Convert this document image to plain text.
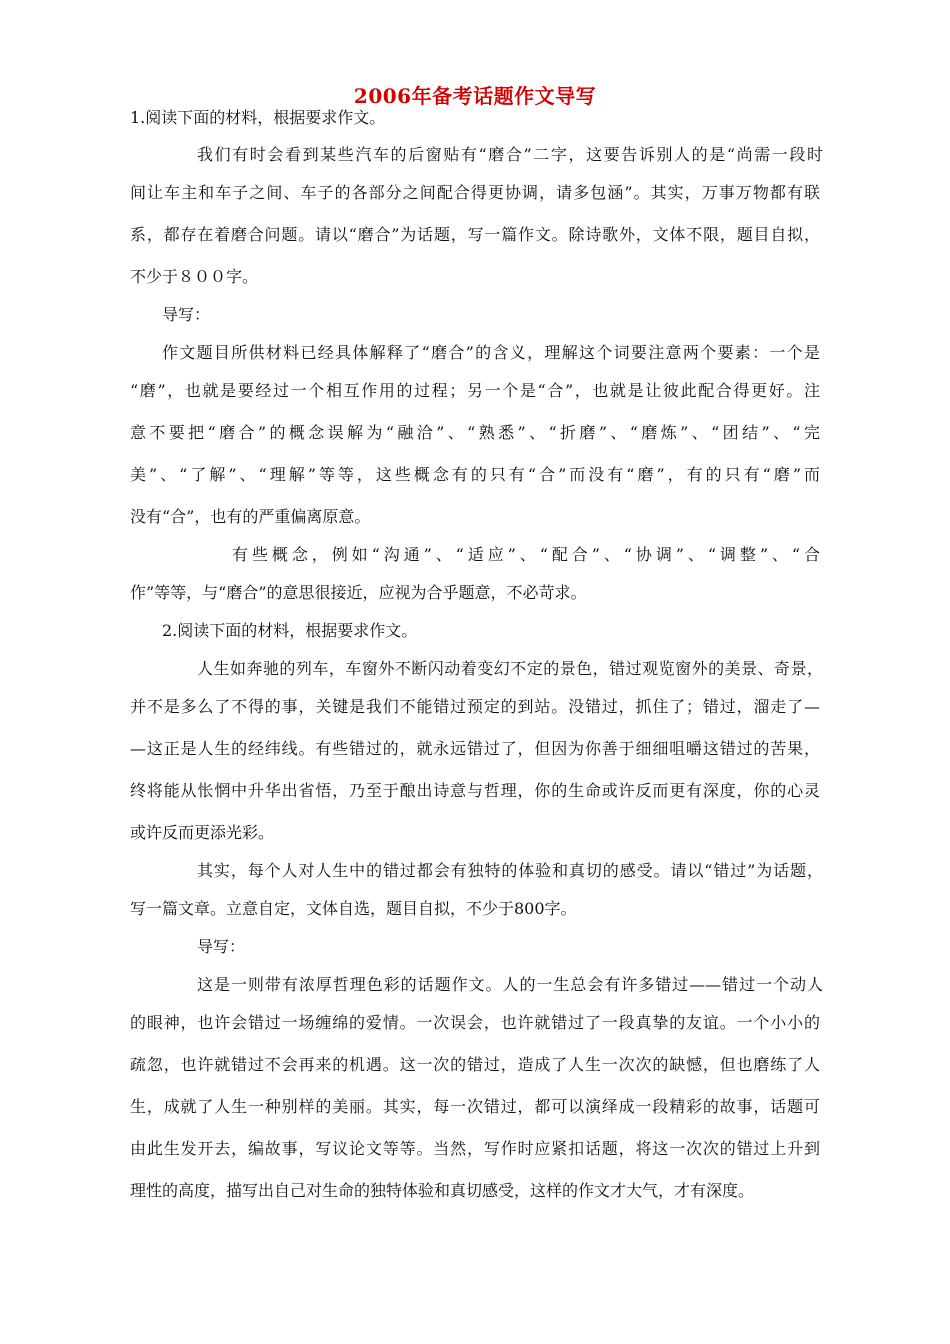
2006年备考话题作文导写
1.阅读下面的材料，根据要求作文。
我们有时会看到某些汽车的后窗贴有“磨合”二字，这要告诉别人的是“尚需一段时
间让车主和车子之间、车子的各部分之间配合得更协调，请多包涵”。其实，万事万物都有联
系，都存在着磨合问题。请以“磨合”为话题，写一篇作文。除诗歌外，文体不限，题目自拟，
不少于８００字。
导写：
作文题目所供材料已经具体解释了“磨合”的含义，理解这个词要注意两个要素：一个是
“磨”，也就是要经过一个相互作用的过程；另一个是“合”，也就是让彼此配合得更好。注
意不要把“磨合”的概念误解为“融洽”、“熟悉”、“折磨”、“磨炼”、“团结”、“完
美”、“了解”、“理解”等等，这些概念有的只有“合”而没有“磨”，有的只有“磨”而
没有“合”，也有的严重偏离原意。
有些概念，例如“沟通”、“适应”、“配合”、“协调”、“调整”、“合
作”等等，与“磨合”的意思很接近，应视为合乎题意，不必苛求。
2.阅读下面的材料，根据要求作文。
人生如奔驰的列车，车窗外不断闪动着变幻不定的景色，错过观览窗外的美景、奇景，
并不是多么了不得的事，关键是我们不能错过预定的到站。没错过，抓住了；错过，溜走了—
—这正是人生的经纬线。有些错过的，就永远错过了，但因为你善于细细咀嚼这错过的苦果，
终将能从怅惘中升华出省悟，乃至于酿出诗意与哲理，你的生命或许反而更有深度，你的心灵
或许反而更添光彩。
其实，每个人对人生中的错过都会有独特的体验和真切的感受。请以“错过”为话题，
写一篇文章。立意自定，文体自选，题目自拟，不少于800字。
导写：
这是一则带有浓厚哲理色彩的话题作文。人的一生总会有许多错过——错过一个动人
的眼神，也许会错过一场缠绵的爱情。一次误会，也许就错过了一段真挚的友谊。一个小小的
疏忽，也许就错过不会再来的机遇。这一次的错过，造成了人生一次次的缺憾，但也磨练了人
生，成就了人生一种别样的美丽。其实，每一次错过，都可以演绎成一段精彩的故事，话题可
由此生发开去，编故事，写议论文等等。当然，写作时应紧扣话题，将这一次次的错过上升到
理性的高度，描写出自己对生命的独特体验和真切感受，这样的作文才大气，才有深度。
